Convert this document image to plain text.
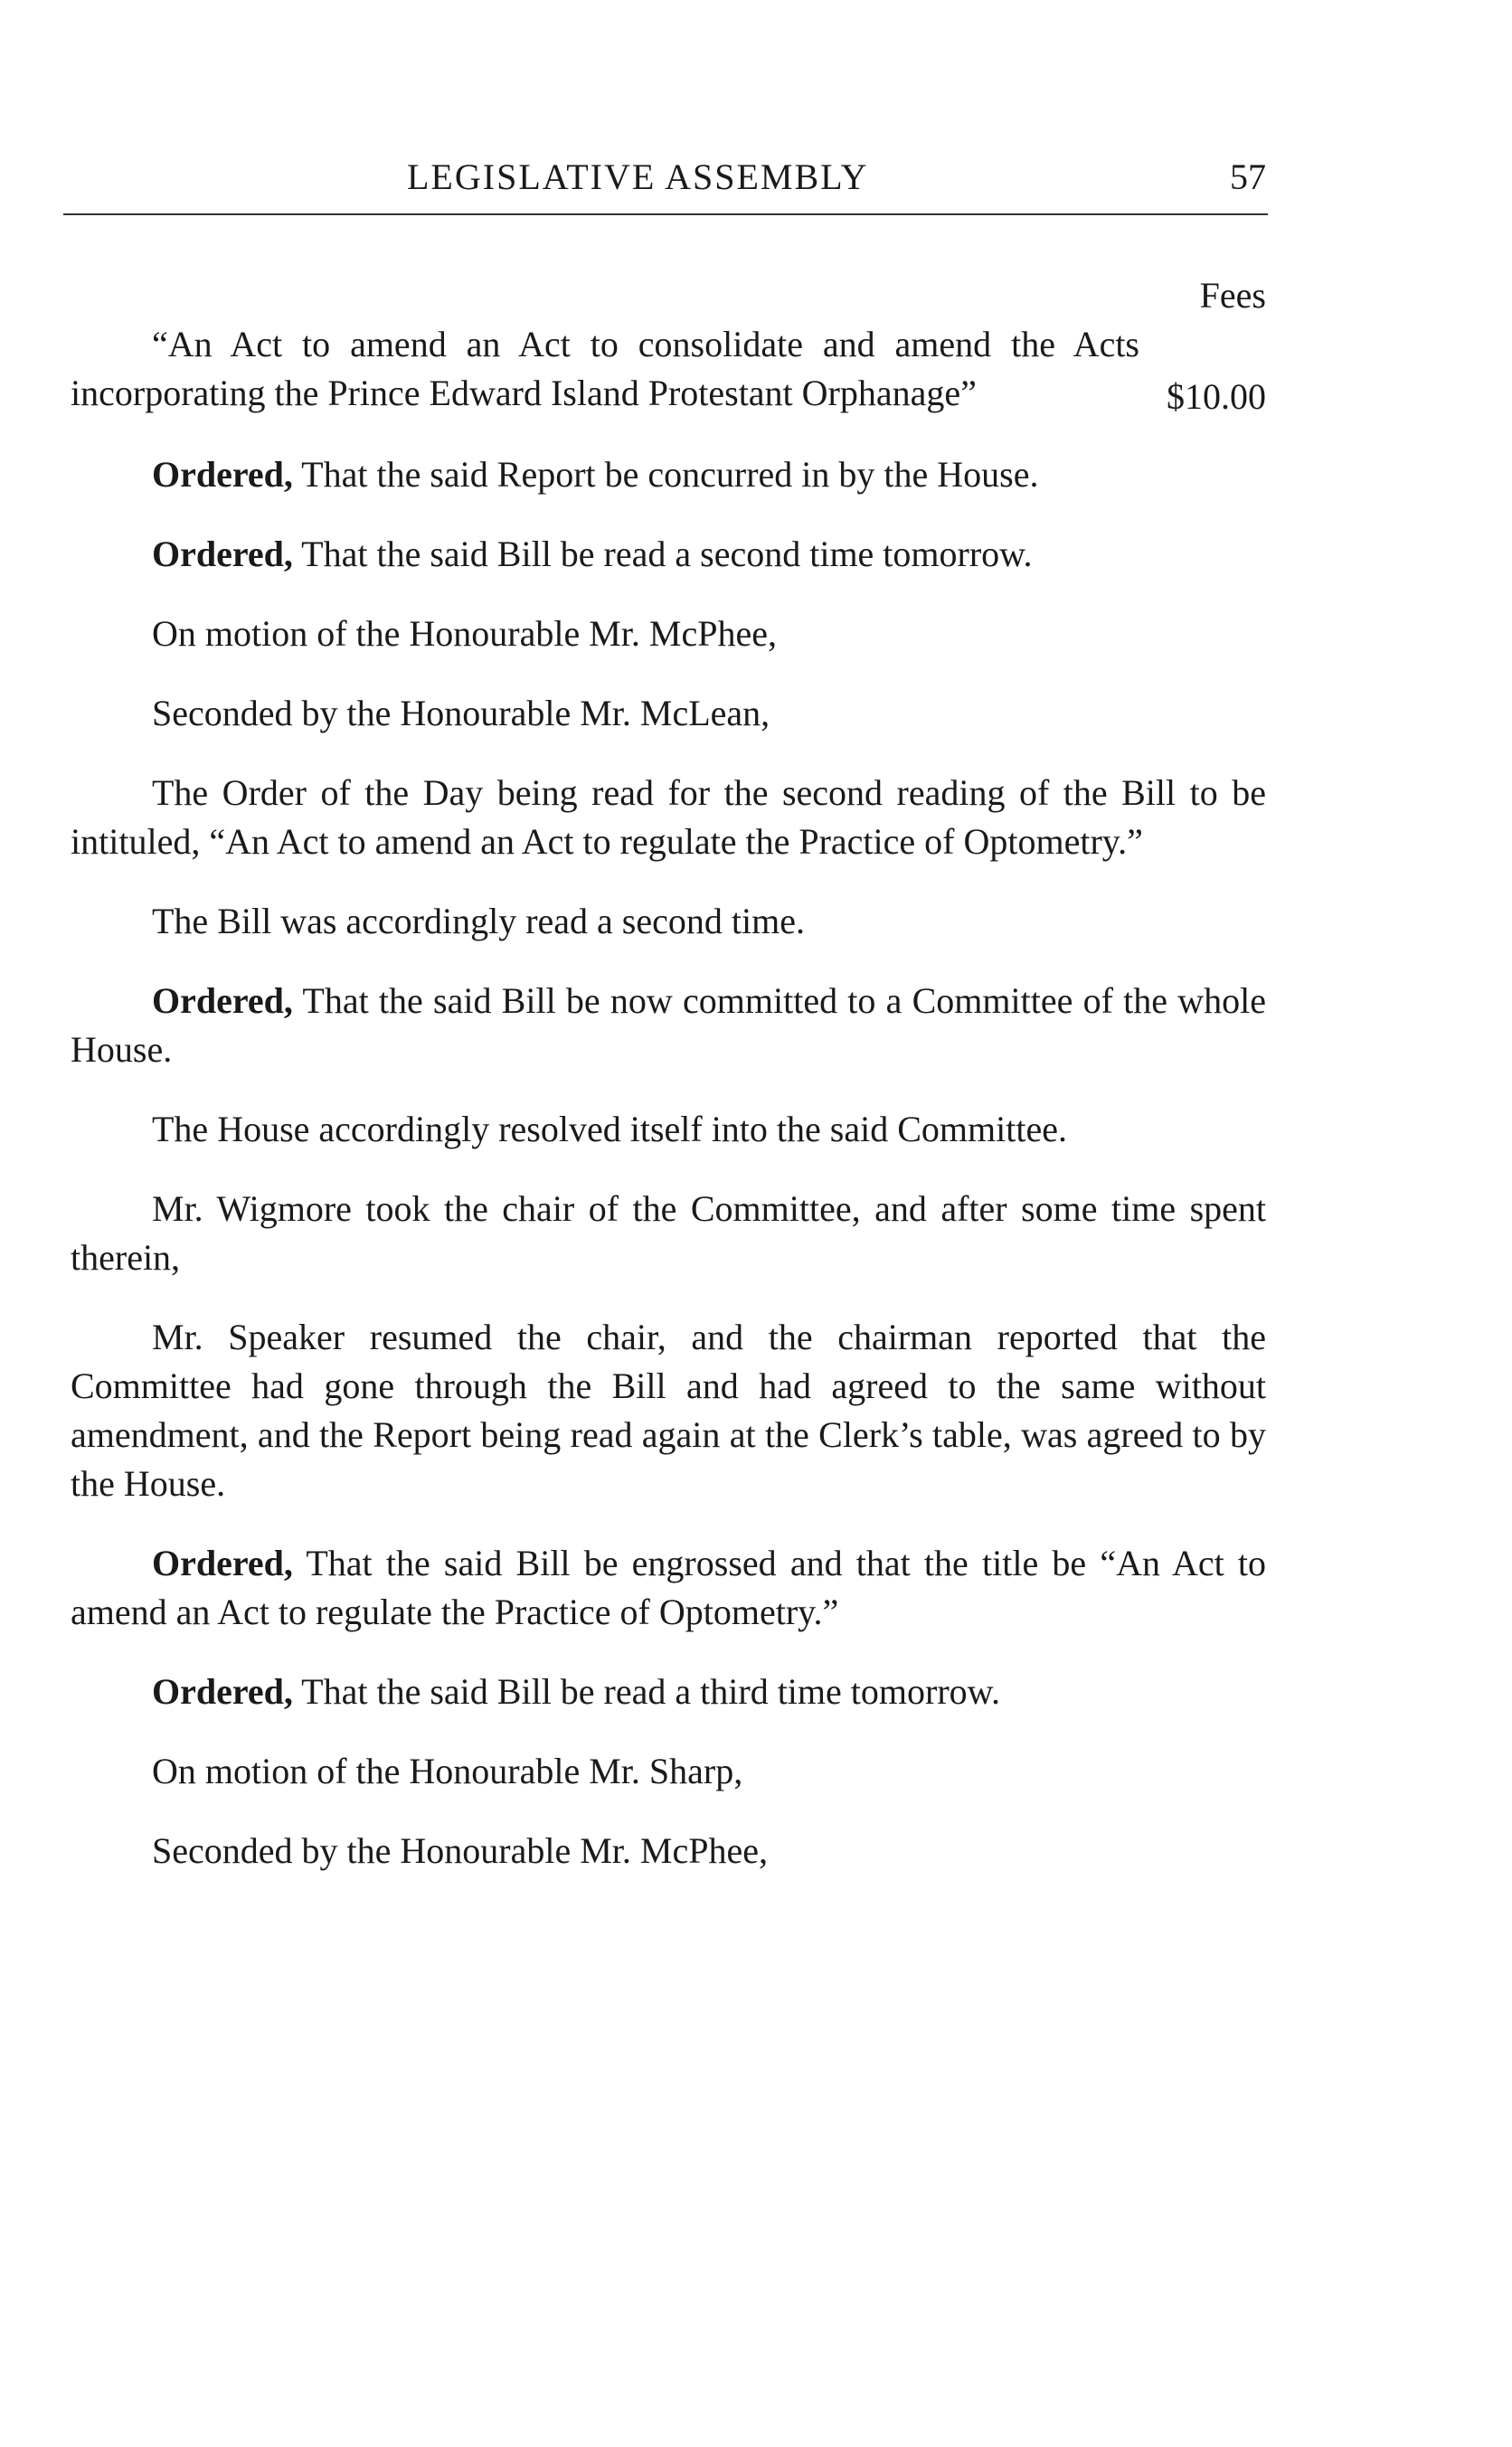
LEGISLATIVE ASSEMBLY	57
Fees
“An Act to amend an Act to consolidate and amend the Acts incorporating the Prince Edward Island Protestant Orphanage”	$10.00

Ordered, That the said Report be concurred in by the House.

Ordered, That the said Bill be read a second time tomorrow.

On motion of the Honourable Mr. McPhee,

Seconded by the Honourable Mr. McLean,

The Order of the Day being read for the second reading of the Bill to be intituled, “An Act to amend an Act to regulate the Practice of Optometry.”

The Bill was accordingly read a second time.

Ordered, That the said Bill be now committed to a Committee of the whole House.

The House accordingly resolved itself into the said Committee.

Mr. Wigmore took the chair of the Committee, and after some time spent therein,

Mr. Speaker resumed the chair, and the chairman reported that the Committee had gone through the Bill and had agreed to the same without amendment, and the Report being read again at the Clerk’s table, was agreed to by the House.

Ordered, That the said Bill be engrossed and that the title be “An Act to amend an Act to regulate the Practice of Optometry.”

Ordered, That the said Bill be read a third time tomorrow.

On motion of the Honourable Mr. Sharp,

Seconded by the Honourable Mr. McPhee,
